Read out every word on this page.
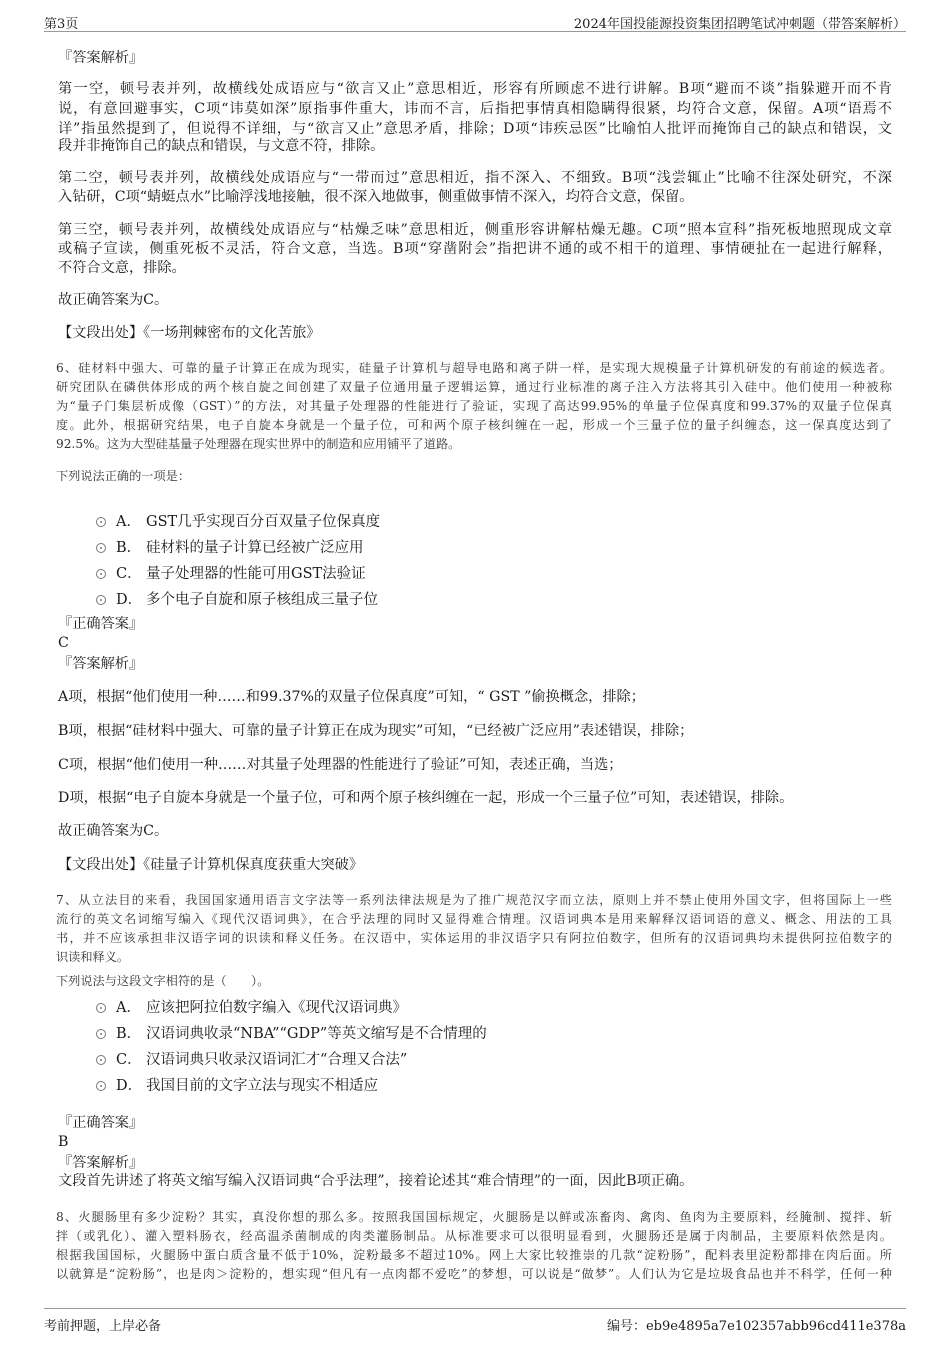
第3页	2024年国投能源投资集团招聘笔试冲刺题（带答案解析）
『答案解析』
第一空，顿号表并列，故横线处成语应与“欲言又止”意思相近，形容有所顾虑不进行讲解。B项“避而不谈”指躲避开而不肯
说，有意回避事实，C项“讳莫如深”原指事件重大，讳而不言，后指把事情真相隐瞒得很紧，均符合文意，保留。A项“语焉不
详”指虽然提到了，但说得不详细，与“欲言又止”意思矛盾，排除；D项“讳疾忌医”比喻怕人批评而掩饰自己的缺点和错误，文
段并非掩饰自己的缺点和错误，与文意不符，排除。
第二空，顿号表并列，故横线处成语应与“一带而过”意思相近，指不深入、不细致。B项“浅尝辄止”比喻不往深处研究，不深
入钻研，C项“蜻蜓点水”比喻浮浅地接触，很不深入地做事，侧重做事情不深入，均符合文意，保留。
第三空，顿号表并列，故横线处成语应与“枯燥乏味”意思相近，侧重形容讲解枯燥无趣。C项“照本宣科”指死板地照现成文章
或稿子宣读，侧重死板不灵活，符合文意，当选。B项“穿凿附会”指把讲不通的或不相干的道理、事情硬扯在一起进行解释，
不符合文意，排除。
故正确答案为C。
【文段出处】《一场荆棘密布的文化苦旅》
6、硅材料中强大、可靠的量子计算正在成为现实，硅量子计算机与超导电路和离子阱一样，是实现大规模量子计算机研发的有前途的候选者。
研究团队在磷供体形成的两个核自旋之间创建了双量子位通用量子逻辑运算，通过行业标准的离子注入方法将其引入硅中。他们使用一种被称
为“量子门集层析成像（GST）”的方法，对其量子处理器的性能进行了验证，实现了高达99.95%的单量子位保真度和99.37%的双量子位保真
度。此外，根据研究结果，电子自旋本身就是一个量子位，可和两个原子核纠缠在一起，形成一个三量子位的量子纠缠态，这一保真度达到了
92.5%。这为大型硅基量子处理器在现实世界中的制造和应用铺平了道路。
下列说法正确的一项是：
A． GST几乎实现百分百双量子位保真度
B． 硅材料的量子计算已经被广泛应用
C． 量子处理器的性能可用GST法验证
D． 多个电子自旋和原子核组成三量子位
『正确答案』
C
『答案解析』
A项，根据“他们使用一种……和99.37%的双量子位保真度”可知，“ GST ”偷换概念，排除；
B项，根据“硅材料中强大、可靠的量子计算正在成为现实”可知，“已经被广泛应用”表述错误，排除；
C项，根据“他们使用一种……对其量子处理器的性能进行了验证”可知，表述正确，当选；
D项，根据“电子自旋本身就是一个量子位，可和两个原子核纠缠在一起，形成一个三量子位”可知，表述错误，排除。
故正确答案为C。
【文段出处】《硅量子计算机保真度获重大突破》
7、从立法目的来看，我国国家通用语言文字法等一系列法律法规是为了推广规范汉字而立法，原则上并不禁止使用外国文字，但将国际上一些
流行的英文名词缩写编入《现代汉语词典》，在合乎法理的同时又显得难合情理。汉语词典本是用来解释汉语词语的意义、概念、用法的工具
书，并不应该承担非汉语字词的识读和释义任务。在汉语中，实体运用的非汉语字只有阿拉伯数字，但所有的汉语词典均未提供阿拉伯数字的
识读和释义。
下列说法与这段文字相符的是（　　）。
A． 应该把阿拉伯数字编入《现代汉语词典》
B． 汉语词典收录“NBA”“GDP”等英文缩写是不合情理的
C． 汉语词典只收录汉语词汇才“合理又合法”
D． 我国目前的文字立法与现实不相适应
『正确答案』
B
『答案解析』
文段首先讲述了将英文缩写编入汉语词典“合乎法理”，接着论述其“难合情理”的一面，因此B项正确。
8、火腿肠里有多少淀粉？其实，真没你想的那么多。按照我国国标规定，火腿肠是以鲜或冻畜肉、禽肉、鱼肉为主要原料，经腌制、搅拌、斩
拌（或乳化）、灌入塑料肠衣，经高温杀菌制成的肉类灌肠制品。从标准要求可以很明显看到，火腿肠还是属于肉制品，主要原料依然是肉。
根据我国国标，火腿肠中蛋白质含量不低于10%，淀粉最多不超过10%。网上大家比较推崇的几款“淀粉肠”，配料表里淀粉都排在肉后面。所
以就算是“淀粉肠”，也是肉＞淀粉的，想实现“但凡有一点肉都不爱吃”的梦想，可以说是“做梦”。人们认为它是垃圾食品也并不科学，任何一种
考前押题，上岸必备	编号：eb9e4895a7e102357abb96cd411e378a
